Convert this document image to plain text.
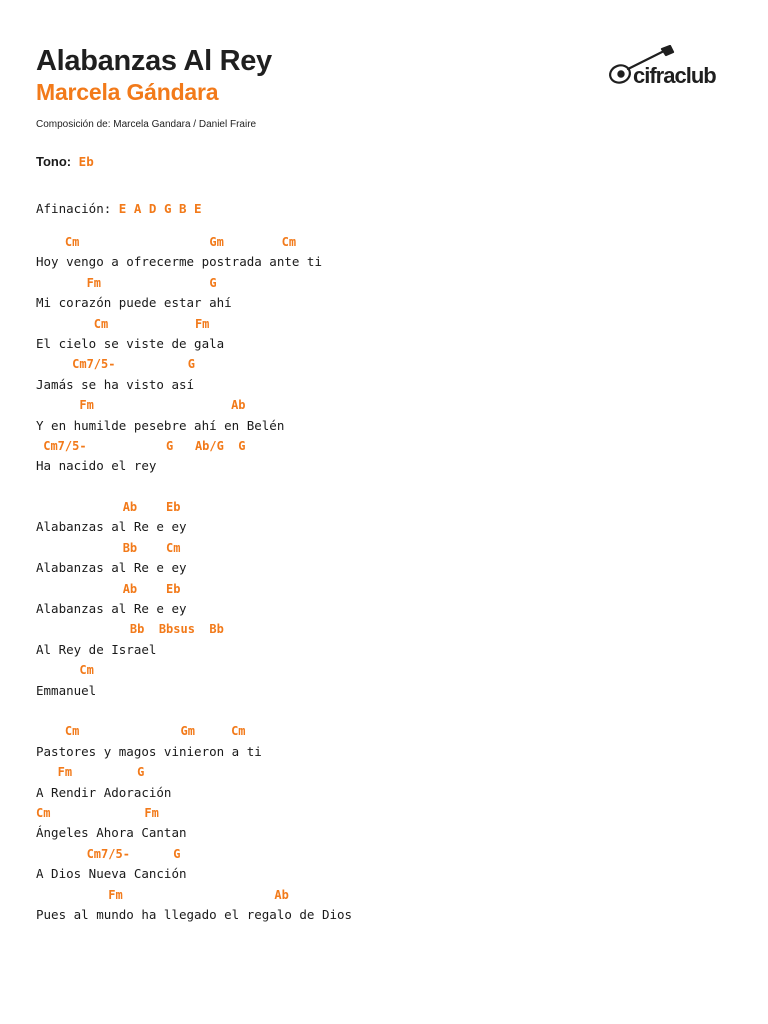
Alabanzas Al Rey
Marcela Gándara
cifraclub
Composición de: Marcela Gandara / Daniel Fraire
Tono: Eb
Afinación: E A D G B E
Cm                  Gm        Cm
Hoy vengo a ofrecerme postrada ante ti
Fm               G
Mi corazón puede estar ahí
Cm            Fm
El cielo se viste de gala
Cm7/5-          G
Jamás se ha visto así
Fm                   Ab
Y en humilde pesebre ahí en Belén
Cm7/5-           G   Ab/G  G
Ha nacido el rey
Ab    Eb
Alabanzas al Re e ey
Bb    Cm
Alabanzas al Re e ey
Ab    Eb
Alabanzas al Re e ey
Bb  Bbsus  Bb
Al Rey de Israel
Cm
Emmanuel
Cm              Gm     Cm
Pastores y magos vinieron a ti
Fm         G
A Rendir Adoración
Cm             Fm
Ángeles Ahora Cantan
Cm7/5-      G
A Dios Nueva Canción
Fm                     Ab
Pues al mundo ha llegado el regalo de Dios
